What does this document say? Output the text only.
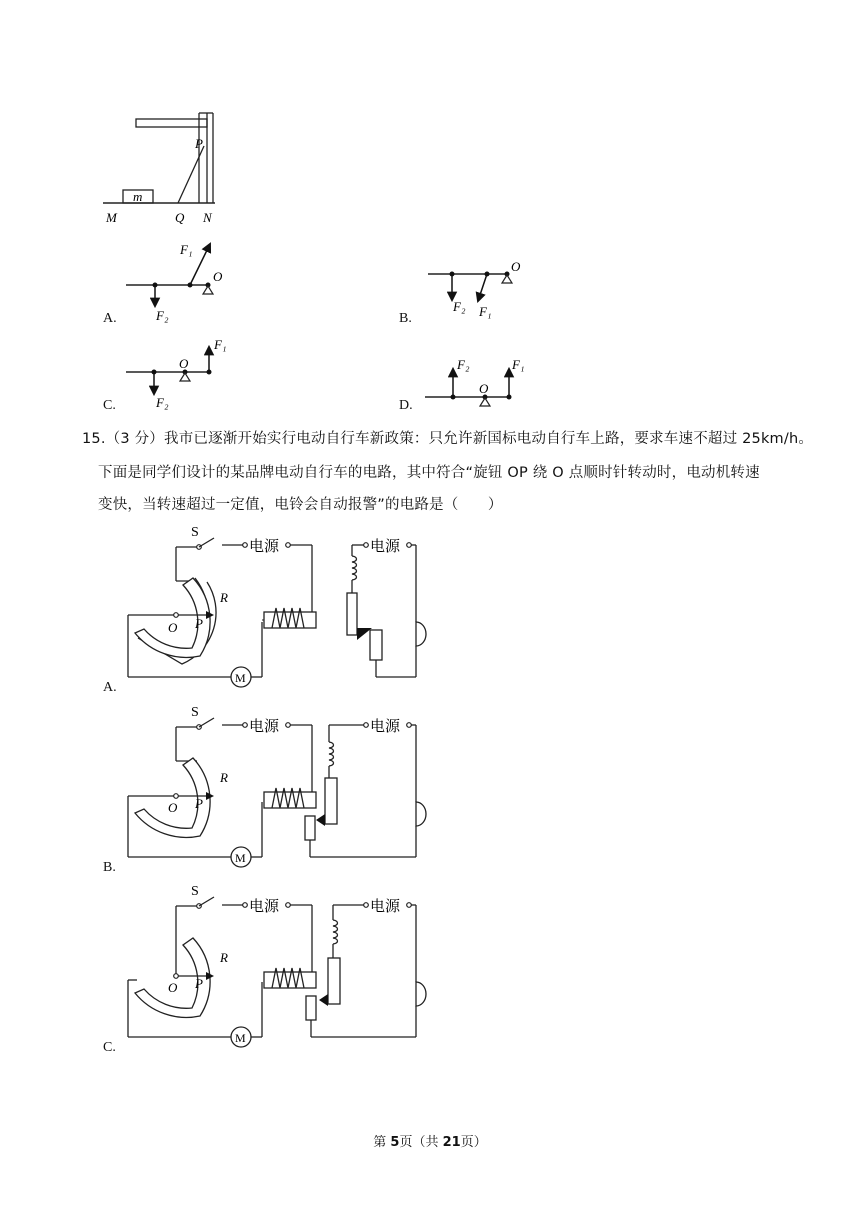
m
P
M	Q N
F₁
F₂
O
F₂ F₁
O
F₁
F₂
O	F₂	F₁
O
A.	B.
C.	D.
15.（3 分）我市已逐渐开始实行电动自行车新政策：只允许新国标电动自行车上路，要求车速不超过 25km/h。
下面是同学们设计的某品牌电动自行车的电路，其中符合“旋钮 OP 绕 O 点顺时针转动时，电动机转速
变快，当转速超过一定值，电铃会自动报警”的电路是（　　）
M
S
电源	电源
R
O P
A.
M
S
电源	电源
R
O P
B.
M
S
电源	电源
R
O P
C.
第 5页（共 21页）
